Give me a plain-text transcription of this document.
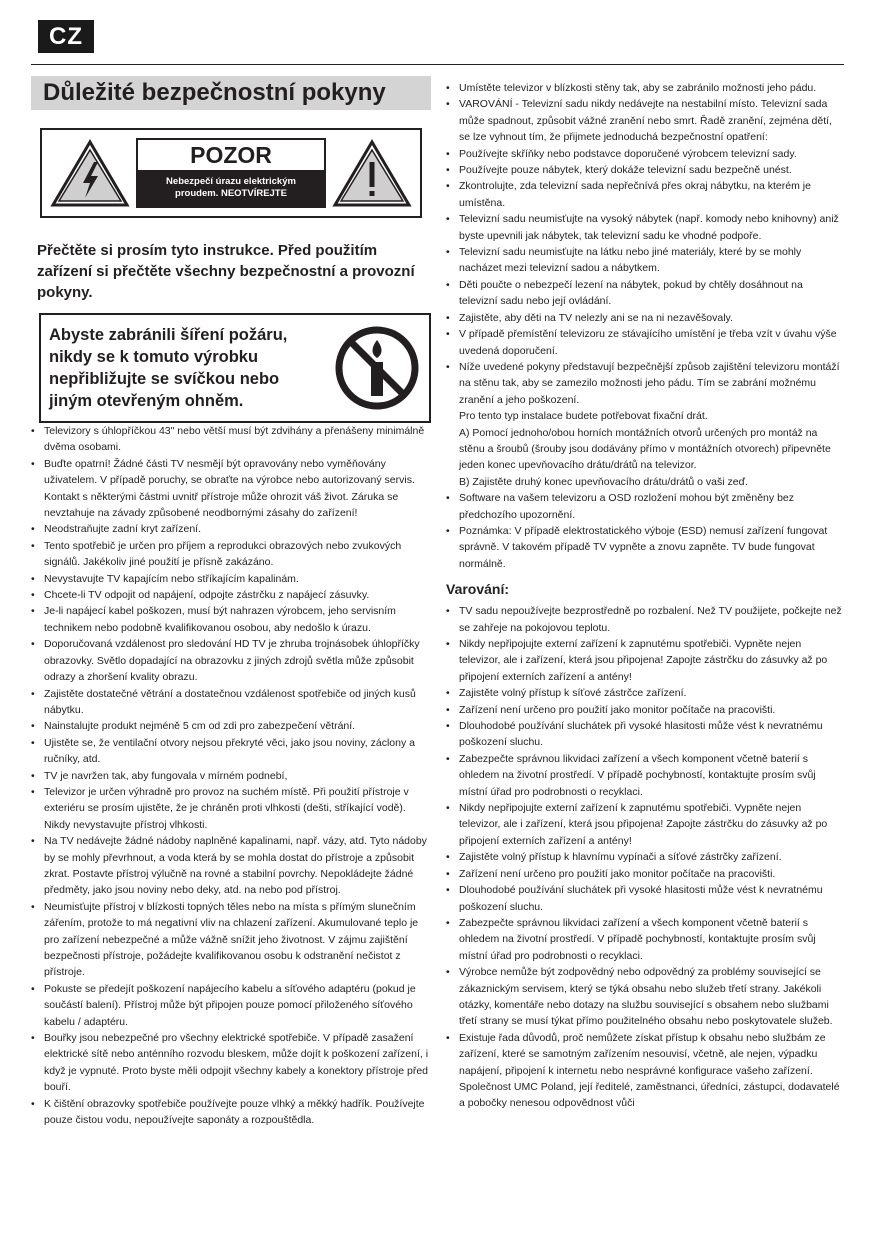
CZ
Důležité bezpečnostní pokyny
POZOR
Nebezpečí úrazu elektrickým
proudem. NEOTVÍREJTE
Přečtěte si prosím tyto instrukce. Před použitím zařízení si přečtěte všechny bezpečnostní a provozní pokyny.
Abyste zabránili šíření požáru, nikdy se k tomuto výrobku nepřibližujte se svíčkou nebo jiným otevřeným ohněm.
• Televizory s úhlopříčkou 43" nebo větší musí být zdvihány a přenášeny minimálně dvěma osobami.
• Buďte opatrní! Žádné části TV nesmějí být opravovány nebo vyměňovány uživatelem. V případě poruchy, se obraťte na výrobce nebo autorizovaný servis. Kontakt s některými částmi uvnitř přístroje může ohrozit váš život. Záruka se nevztahuje na závady způsobené neodbornými zásahy do zařízení!
• Neodstraňujte zadní kryt zařízení.
• Tento spotřebič je určen pro příjem a reprodukci obrazových nebo zvukových signálů. Jakékoliv jiné použití je přísně zakázáno.
• Nevystavujte TV kapajícím nebo stříkajícím kapalinám.
• Chcete-li TV odpojit od napájení, odpojte zástrčku z napájecí zásuvky.
• Je-li napájecí kabel poškozen, musí být nahrazen výrobcem, jeho servisním technikem nebo podobně kvalifikovanou osobou, aby nedošlo k úrazu.
• Doporučovaná vzdálenost pro sledování HD TV je zhruba trojnásobek úhlopříčky obrazovky. Světlo dopadající na obrazovku z jiných zdrojů světla může způsobit odrazy a zhoršení kvality obrazu.
• Zajistěte dostatečné větrání a dostatečnou vzdálenost spotřebiče od jiných kusů nábytku.
• Nainstalujte produkt nejméně 5 cm od zdi pro zabezpečení větrání.
• Ujistěte se, že ventilační otvory nejsou překryté věci, jako jsou noviny, záclony a ručníky, atd.
• TV je navržen tak, aby fungovala v mírném podnebí,
• Televizor je určen výhradně pro provoz na suchém místě. Při použití přístroje v exteriéru se prosím ujistěte, že je chráněn proti vlhkosti (dešti, stříkající vodě). Nikdy nevystavujte přístroj vlhkosti.
• Na TV nedávejte žádné nádoby naplněné kapalinami, např. vázy, atd. Tyto nádoby by se mohly převrhnout, a voda která by se mohla dostat do přístroje a způsobit zkrat. Postavte přístroj výlučně na rovné a stabilní povrchy. Nepokládejte žádné předměty, jako jsou noviny nebo deky, atd. na nebo pod přístroj.
• Neumisťujte přístroj v blízkosti topných těles nebo na místa s přímým slunečním zářením, protože to má negativní vliv na chlazení zařízení. Akumulované teplo je pro zařízení nebezpečné a může vážně snížit jeho životnost. V zájmu zajištění bezpečnosti přístroje, požádejte kvalifikovanou osobu k odstranění nečistot z přístroje.
• Pokuste se předejít poškození napájecího kabelu a síťového adaptéru (pokud je součástí balení). Přístroj může být připojen pouze pomocí přiloženého síťového kabelu / adaptéru.
• Bouřky jsou nebezpečné pro všechny elektrické spotřebiče. V případě zasažení elektrické sítě nebo anténního rozvodu bleskem, může dojít k poškození zařízení, i když je vypnuté. Proto byste měli odpojit všechny kabely a konektory přístroje před bouří.
• K čištění obrazovky spotřebiče používejte pouze vlhký a měkký hadřík. Používejte pouze čistou vodu, nepoužívejte saponáty a rozpouštědla.
• Umístěte televizor v blízkosti stěny tak, aby se zabránilo možnosti jeho pádu.
• VAROVÁNÍ - Televizní sadu nikdy nedávejte na nestabilní místo. Televizní sada může spadnout, způsobit vážné zranění nebo smrt. Řadě zranění, zejména dětí, se lze vyhnout tím, že přijmete jednoduchá bezpečnostní opatření:
• Používejte skříňky nebo podstavce doporučené výrobcem televizní sady.
• Používejte pouze nábytek, který dokáže televizní sadu bezpečně unést.
• Zkontrolujte, zda televizní sada nepřečnívá přes okraj nábytku, na kterém je umístěna.
• Televizní sadu neumisťujte na vysoký nábytek (např. komody nebo knihovny) aniž byste upevnili jak nábytek, tak televizní sadu ke vhodné podpoře.
• Televizní sadu neumisťujte na látku nebo jiné materiály, které by se mohly nacházet mezi televizní sadou a nábytkem.
• Děti poučte o nebezpečí lezení na nábytek, pokud by chtěly dosáhnout na televizní sadu nebo její ovládání.
• Zajistěte, aby děti na TV nelezly ani se na ni nezavěšovaly.
• V případě přemístění televizoru ze stávajícího umístění je třeba vzít v úvahu výše uvedená doporučení.
• Níže uvedené pokyny představují bezpečnější způsob zajištění televizoru montáží na stěnu tak, aby se zamezilo možnosti jeho pádu. Tím se zabrání možnému zranění a jeho poškození.
Pro tento typ instalace budete potřebovat fixační drát.
A) Pomocí jednoho/obou horních montážních otvorů určených pro montáž na stěnu a šroubů (šrouby jsou dodávány přímo v montážních otvorech) připevněte jeden konec upevňovacího drátu/drátů na televizor.
B) Zajistěte druhý konec upevňovacího drátu/drátů o vaši zeď.
• Software na vašem televizoru a OSD rozložení mohou být změněny bez předchozího upozornění.
• Poznámka: V případě elektrostatického výboje (ESD) nemusí zařízení fungovat správně. V takovém případě TV vypněte a znovu zapněte. TV bude fungovat normálně.
Varování:
• TV sadu nepoužívejte bezprostředně po rozbalení. Než TV použijete, počkejte než se zahřeje na pokojovou teplotu.
• Nikdy nepřipojujte externí zařízení k zapnutému spotřebiči. Vypněte nejen televizor, ale i zařízení, která jsou připojena! Zapojte zástrčku do zásuvky až po připojení externích zařízení a antény!
• Zajistěte volný přístup k síťové zástrčce zařízení.
• Zařízení není určeno pro použití jako monitor počítače na pracovišti.
• Dlouhodobé používání sluchátek při vysoké hlasitosti může vést k nevratnému poškození sluchu.
• Zabezpečte správnou likvidaci zařízení a všech komponent včetně baterií s ohledem na životní prostředí. V případě pochybností, kontaktujte prosím svůj místní úřad pro podrobnosti o recyklaci.
• Nikdy nepřipojujte externí zařízení k zapnutému spotřebiči. Vypněte nejen televizor, ale i zařízení, která jsou připojena! Zapojte zástrčku do zásuvky až po připojení externích zařízení a antény!
• Zajistěte volný přístup k hlavnímu vypínači a síťové zástrčky zařízení.
• Zařízení není určeno pro použití jako monitor počítače na pracovišti.
• Dlouhodobé používání sluchátek při vysoké hlasitosti může vést k nevratnému poškození sluchu.
• Zabezpečte správnou likvidaci zařízení a všech komponent včetně baterií s ohledem na životní prostředí. V případě pochybností, kontaktujte prosím svůj místní úřad pro podrobnosti o recyklaci.
• Výrobce nemůže být zodpovědný nebo odpovědný za problémy související se zákaznickým servisem, který se týká obsahu nebo služeb třetí strany. Jakékoli otázky, komentáře nebo dotazy na službu související s obsahem nebo službami třetí strany se musí týkat přímo použitelného obsahu nebo poskytovatele služeb.
• Existuje řada důvodů, proč nemůžete získat přístup k obsahu nebo službám ze zařízení, které se samotným zařízením nesouvisí, včetně, ale nejen, výpadku napájení, připojení k internetu nebo nesprávné konfigurace vašeho zařízení. Společnost UMC Poland, její ředitelé, zaměstnanci, úředníci, zástupci, dodavatelé a pobočky nenesou odpovědnost vůči
